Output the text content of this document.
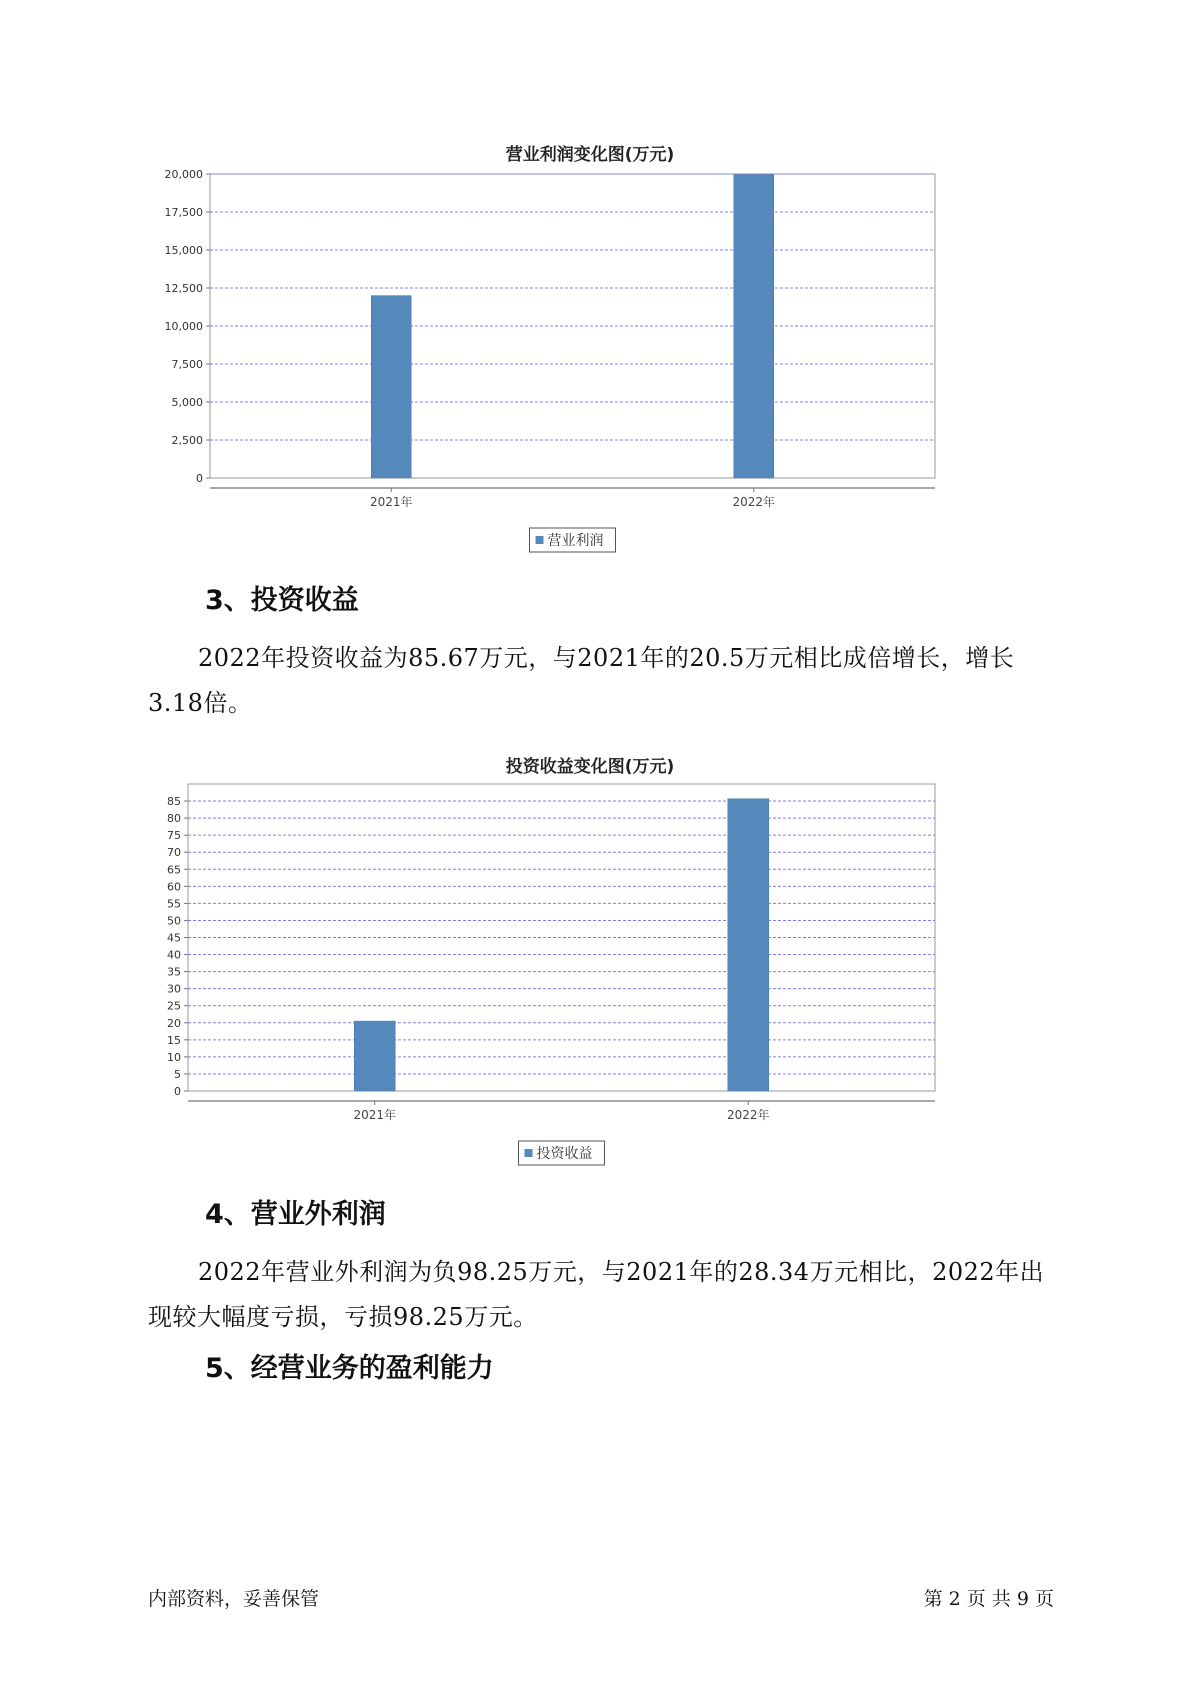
营业利润变化图(万元)
0
2,500
5,000
7,500
10,000
12,500
15,000
17,500
20,000
2021年	2022年
营业利润
3、投资收益

2022年投资收益为85.67万元，与2021年的20.5万元相比成倍增长，增长3.18倍。

投资收益变化图(万元)
0
5
10
15
20
25
30
35
40
45
50
55
60
65
70
75
80
85
2021年	2022年
投资收益
4、营业外利润

2022年营业外利润为负98.25万元，与2021年的28.34万元相比，2022年出现较大幅度亏损，亏损98.25万元。

5、经营业务的盈利能力
内部资料，妥善保管	第 2 页 共 9 页
